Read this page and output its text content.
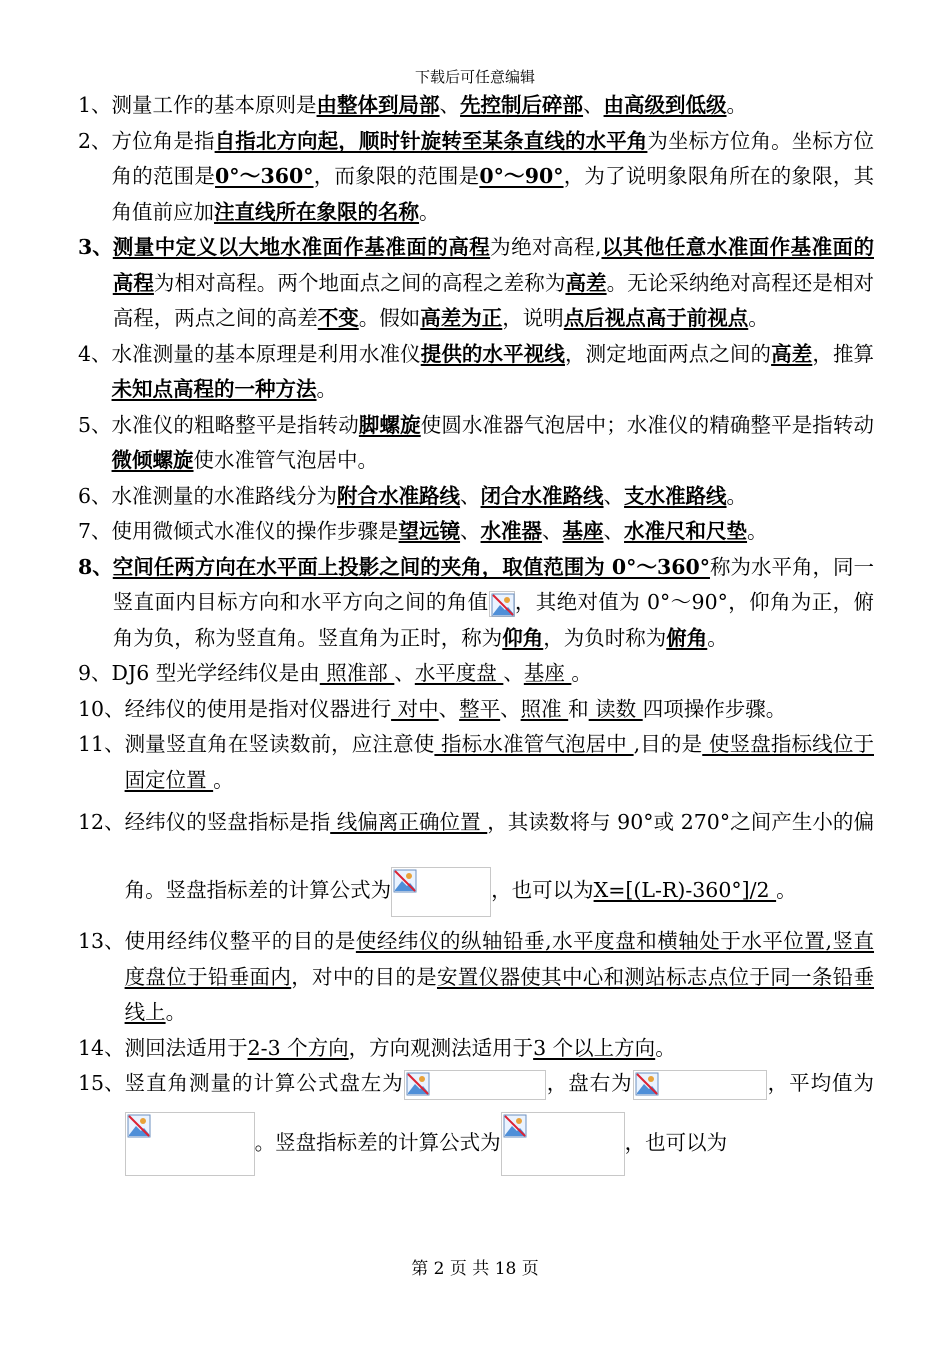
下载后可任意编辑
1、 测量工作的基本原则是由整体到局部、先控制后碎部、由高级到低级。
2、 方位角是指自指北方向起，顺时针旋转至某条直线的水平角为坐标方位角。坐标方位角的范围是0°～360°，而象限的范围是0°～90°，为了说明象限角所在的象限，其角值前应加注直线所在象限的名称。
3、 测量中定义以大地水准面作基准面的高程为绝对高程,以其他任意水准面作基准面的高程为相对高程。两个地面点之间的高程之差称为高差。无论采纳绝对高程还是相对高程，两点之间的高差不变。假如高差为正，说明点后视点高于前视点。
4、 水准测量的基本原理是利用水准仪提供的水平视线，测定地面两点之间的高差，推算未知点高程的一种方法。
5、 水准仪的粗略整平是指转动脚螺旋使圆水准器气泡居中；水准仪的精确整平是指转动微倾螺旋使水准管气泡居中。
6、 水准测量的水准路线分为附合水准路线、闭合水准路线、支水准路线。
7、 使用微倾式水准仪的操作步骤是望远镜、水准器、基座、水准尺和尺垫。
8、 空间任两方向在水平面上投影之间的夹角，取值范围为 0°～360°称为水平角，同一竖直面内目标方向和水平方向之间的角值 ，其绝对值为 0°～90°，仰角为正，俯角为负，称为竖直角。竖直角为正时，称为仰角，为负时称为俯角。
9、 DJ6 型光学经纬仪是由 照准部 、水平度盘 、基座 。
10、 经纬仪的使用是指对仪器进行 对中、整平、照准 和 读数 四项操作步骤。
11、 测量竖直角在竖读数前，应注意使 指标水准管气泡居中 ,目的是 使竖盘指标线位于固定位置 。
12、 经纬仪的竖盘指标是指 线偏离正确位置 ，其读数将与 90°或 270°之间产生小的偏角。竖盘指标差的计算公式为	，也可以为X=[(L-R)-360°]/2 。
13、 使用经纬仪整平的目的是使经纬仪的纵轴铅垂,水平度盘和横轴处于水平位置,竖直度盘位于铅垂面内，对中的目的是安置仪器使其中心和测站标志点位于同一条铅垂线上。
14、 测回法适用于2-3 个方向，方向观测法适用于3 个以上方向。
15、 竖直角测量的计算公式盘左为	，盘右为	，平均值为
。竖盘指标差的计算公式为	，也可以为
第 2 页 共 18 页
